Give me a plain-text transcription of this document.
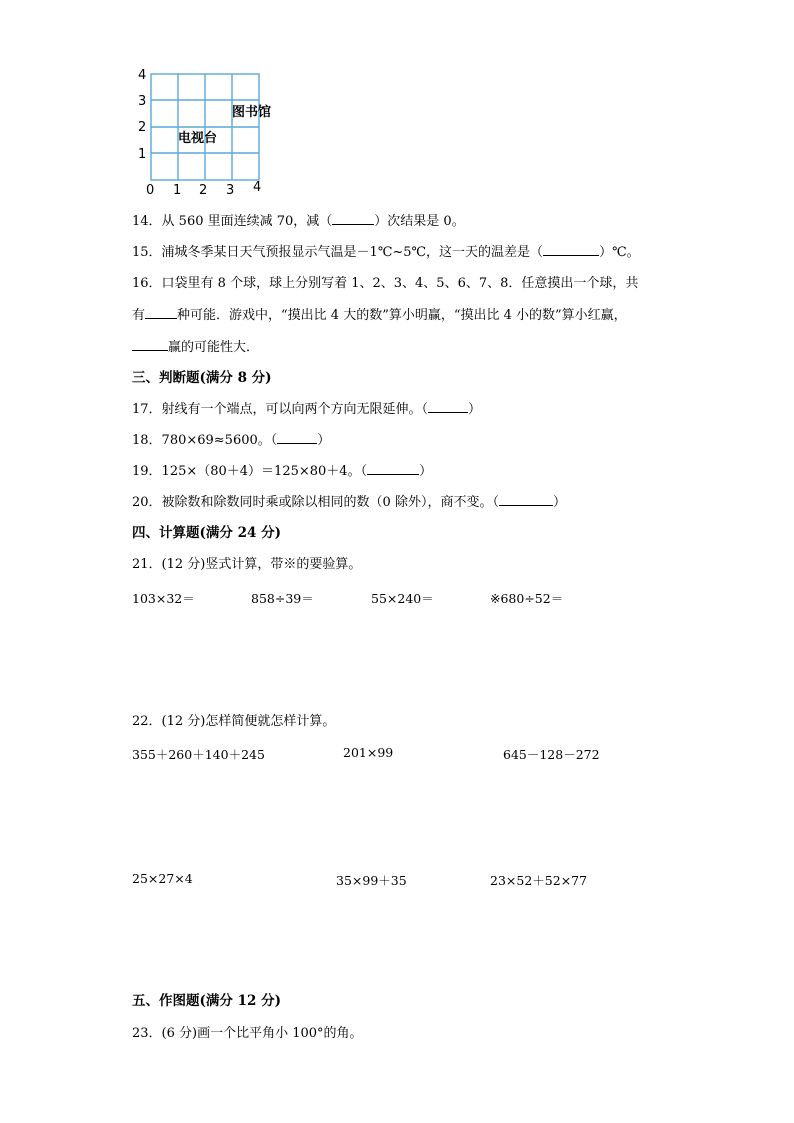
4
3
2
1
0 1 2 3 4
图书馆
电视台
14．从 560 里面连续减 70，减（	）次结果是 0。
15．浦城冬季某日天气预报显示气温是－1℃~5℃，这一天的温差是（	）℃。
16．口袋里有 8 个球，球上分别写着 1、2、3、4、5、6、7、8．任意摸出一个球，共
有 种可能．游戏中，“摸出比 4 大的数”算小明赢，“摸出比 4 小的数”算小红赢，
赢的可能性大．
三、判断题(满分 8 分)
17．射线有一个端点，可以向两个方向无限延伸。（	）
18．780×69≈5600。（	）
19．125×（80＋4）＝125×80＋4。（	）
20．被除数和除数同时乘或除以相同的数（0 除外），商不变。（	）
四、计算题(满分 24 分)
21．(12 分)竖式计算，带※的要验算。
103×32＝	858÷39＝	55×240＝	※680÷52＝
22．(12 分)怎样简便就怎样计算。
355＋260＋140＋245	201×99	645－128－272
25×27×4	35×99＋35	23×52＋52×77
五、作图题(满分 12 分)
23．(6 分)画一个比平角小 100°的角。
